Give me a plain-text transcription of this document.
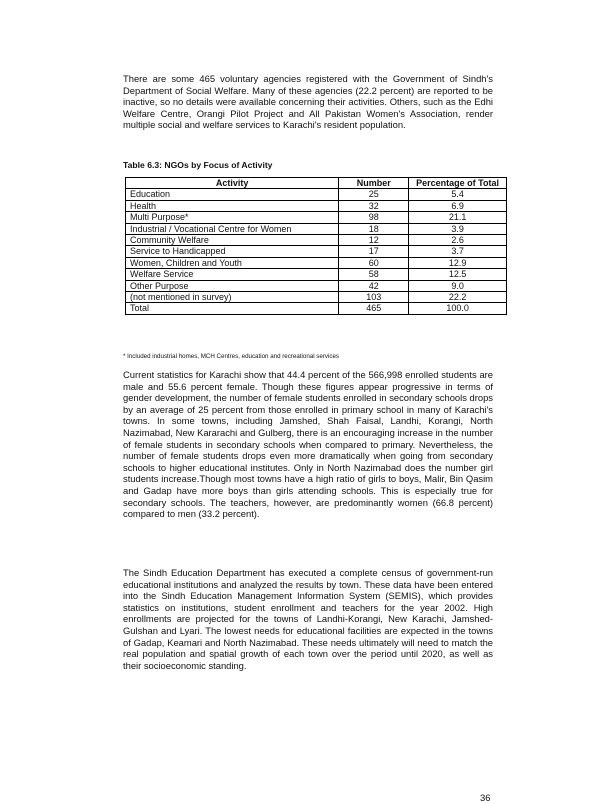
There are some 465 voluntary agencies registered with the Government of Sindh's Department of Social Welfare. Many of these agencies (22.2 percent) are reported to be inactive, so no details were available concerning their activities. Others, such as the Edhi Welfare Centre, Orangi Pilot Project and All Pakistan Women's Association, render multiple social and welfare services to Karachi's resident population.

Table 6.3: NGOs by Focus of Activity

Activity	Number	Percentage of Total
Education	25	5.4
Health	32	6.9
Multi Purpose*	98	21.1
Industrial / Vocational Centre for Women	18	3.9
Community Welfare	12	2.6
Service to Handicapped	17	3.7
Women, Children and Youth	60	12.9
Welfare Service	58	12.5
Other Purpose	42	9.0
(not mentioned in survey)	103	22.2
Total	465	100.0

* Included industrial homes, MCH Centres, education and recreational services

Current statistics for Karachi show that 44.4 percent of the 566,998 enrolled students are male and 55.6 percent female. Though these figures appear progressive in terms of gender development, the number of female students enrolled in secondary schools drops by an average of 25 percent from those enrolled in primary school in many of Karachi's towns. In some towns, including Jamshed, Shah Faisal, Landhi, Korangi, North Nazimabad, New Kararachi and Gulberg, there is an encouraging increase in the number of female students in secondary schools when compared to primary. Nevertheless, the number of female students drops even more dramatically when going from secondary schools to higher educational institutes. Only in North Nazimabad does the number girl students increase.Though most towns have a high ratio of girls to boys, Malir, Bin Qasim and Gadap have more boys than girls attending schools. This is especially true for secondary schools. The teachers, however, are predominantly women (66.8 percent) compared to men (33.2 percent).

The Sindh Education Department has executed a complete census of government-run educational institutions and analyzed the results by town. These data have been entered into the Sindh Education Management Information System (SEMIS), which provides statistics on institutions, student enrollment and teachers for the year 2002. High enrollments are projected for the towns of Landhi-Korangi, New Karachi, Jamshed-Gulshan and Lyari. The lowest needs for educational facilities are expected in the towns of Gadap, Keamari and North Nazimabad. These needs ultimately will need to match the real population and spatial growth of each town over the period until 2020, as well as their socioeconomic standing.

36
